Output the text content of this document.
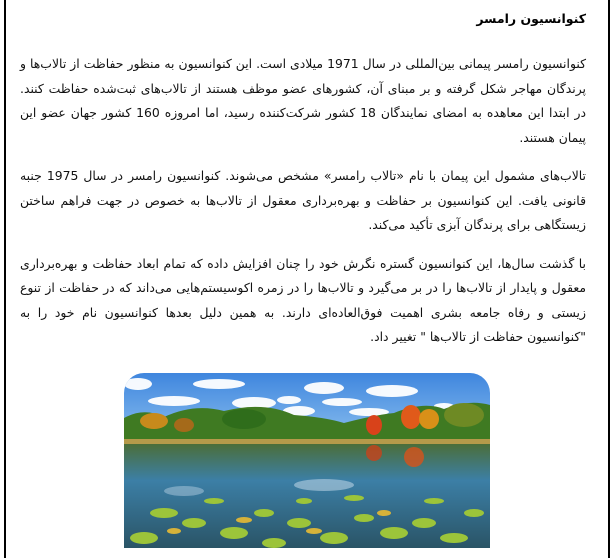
کنوانسیون رامسر

کنوانسیون رامسر پیمانی بین‌المللی در سال 1971 میلادی است. این کنوانسیون به منظور حفاظت از تالاب‌ها و پرندگان مهاجر شکل گرفته و بر مبنای آن، کشورهای عضو موظف هستند از تالاب‌های ثبت‌شده حفاظت کنند. در ابتدا این معاهده به امضای نمایندگان 18 کشور شرکت‌کننده رسید، اما امروزه 160 کشور جهان عضو این پیمان هستند.

تالاب‌های مشمول این پیمان با نام «تالاب رامسر» مشخص می‌شوند. کنوانسیون رامسر در سال 1975 جنبه قانونی یافت. این کنوانسیون بر حفاظت و بهره‌برداری معقول از تالاب‌ها به خصوص در جهت فراهم ساختن زیستگاهی برای پرندگان آبزی تأکید می‌کند.

با گذشت سال‌ها، این کنوانسیون گستره نگرش خود را چنان افزایش داده که تمام ابعاد حفاظت و بهره‌برداری معقول و پایدار از تالاب‌ها را در بر می‌گیرد و تالاب‌ها را در زمره اکوسیستم‌هایی می‌داند که در حفاظت از تنوع زیستی و رفاه جامعه بشری اهمیت فوق‌العاده‌ای دارند. به همین دلیل بعدها کنوانسیون نام خود را به "کنوانسیون حفاظت از تالاب‌ها " تغییر داد.
